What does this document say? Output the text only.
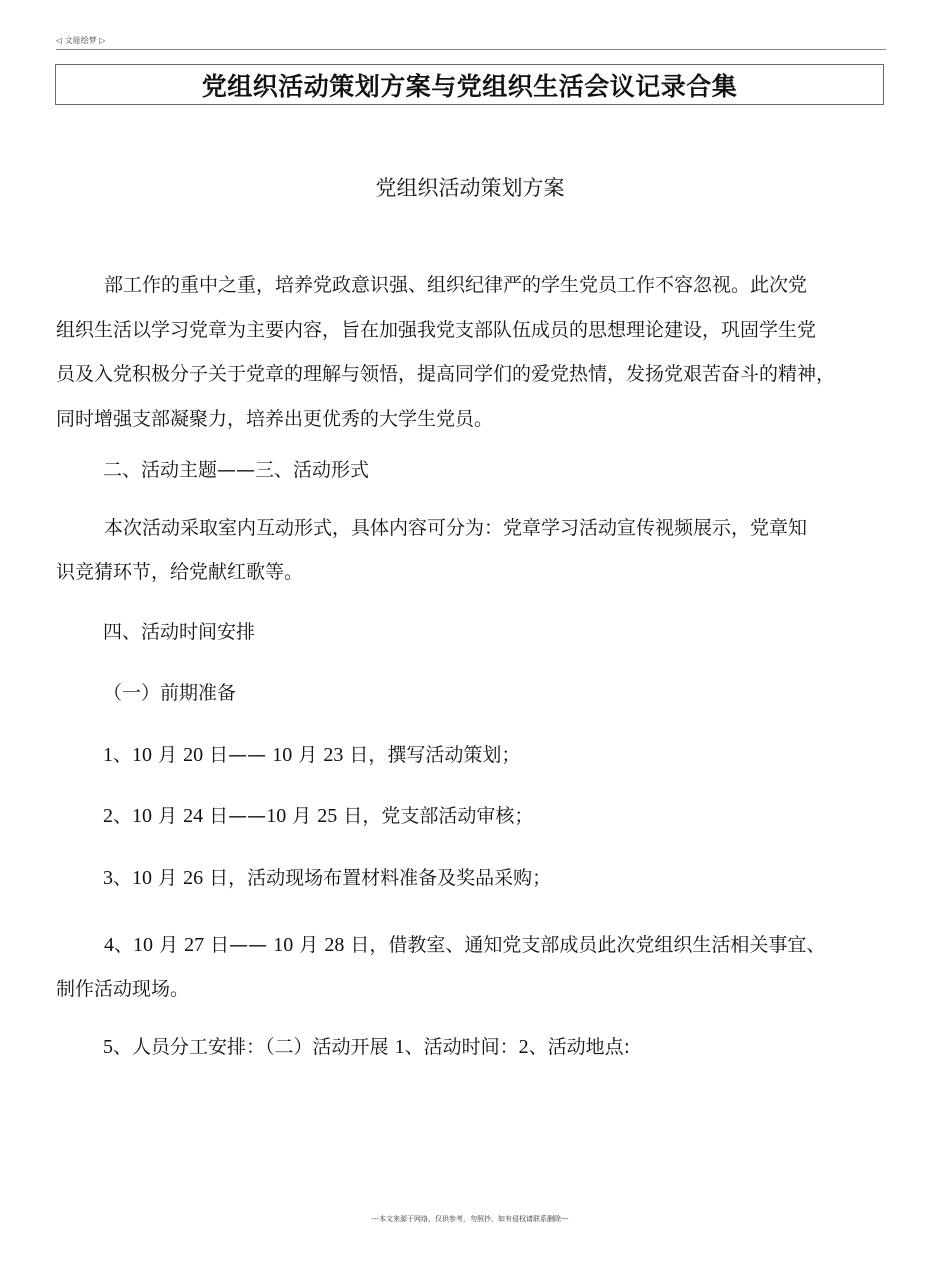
◁ 文能绘梦 ▷
党组织活动策划方案与党组织生活会议记录合集
党组织活动策划方案
部工作的重中之重，培养党政意识强、组织纪律严的学生党员工作不容忽视。此次党
组织生活以学习党章为主要内容，旨在加强我党支部队伍成员的思想理论建设，巩固学生党
员及入党积极分子关于党章的理解与领悟，提高同学们的爱党热情，发扬党艰苦奋斗的精神，
同时增强支部凝聚力，培养出更优秀的大学生党员。
二、活动主题——三、活动形式
本次活动采取室内互动形式，具体内容可分为：党章学习活动宣传视频展示，党章知
识竞猜环节，给党献红歌等。
四、活动时间安排
（一）前期准备
1、10 月 20 日—— 10 月 23 日，撰写活动策划；
2、10 月 24 日——10 月 25 日，党支部活动审核；
3、10 月 26 日，活动现场布置材料准备及奖品采购；
4、10 月 27 日—— 10 月 28 日，借教室、通知党支部成员此次党组织生活相关事宜、
制作活动现场。
5、人员分工安排：（二）活动开展 1、活动时间：2、活动地点:
---本文来源于网络，仅供参考，勿照抄，如有侵权请联系删除---
